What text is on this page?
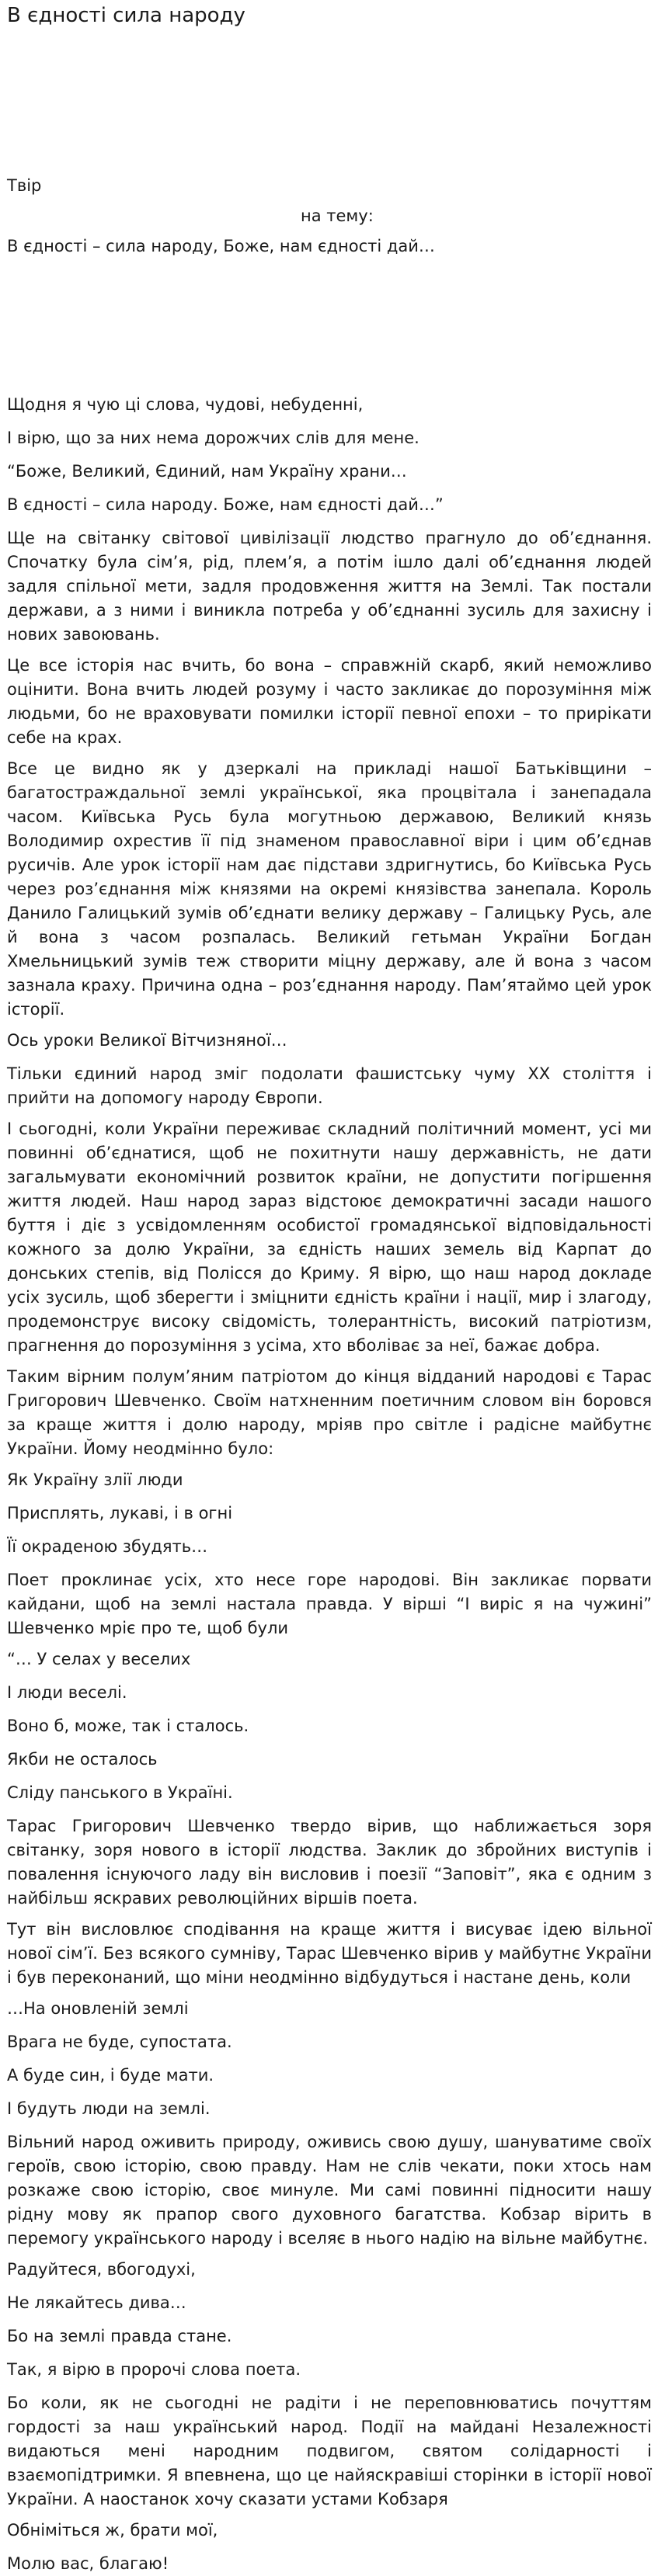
В єдності сила народу
Твір
на тему:
В єдності – сила народу, Боже, нам єдності дай…

Щодня я чую ці слова, чудові, небуденні,

І вірю, що за них нема дорожчих слів для мене.

“Боже, Великий, Єдиний, нам Україну храни…

В єдності – сила народу. Боже, нам єдності дай…”

Ще на світанку світової цивілізації людство прагнуло до об’єднання. Спочатку була сім’я, рід, плем’я, а потім ішло далі об’єднання людей задля спільної мети, задля продовження життя на Землі. Так постали держави, а з ними і виникла потреба у об’єднанні зусиль для захисну і нових завоювань.

Це все історія нас вчить, бо вона – справжній скарб, який неможливо оцінити. Вона вчить людей розуму і часто закликає до порозуміння між людьми, бо не враховувати помилки історії певної епохи – то прирікати себе на крах.

Все це видно як у дзеркалі на прикладі нашої Батьківщини – багатостраждальної землі української, яка процвітала і занепадала часом. Київська Русь була могутньою державою, Великий князь Володимир охрестив її під знаменом православної віри і цим об’єднав русичів. Але урок історії нам дає підстави здригнутись, бо Київська Русь через роз’єднання між князями на окремі князівства занепала. Король Данило Галицький зумів об’єднати велику державу – Галицьку Русь, але й вона з часом розпалась. Великий гетьман України Богдан Хмельницький зумів теж створити міцну державу, але й вона з часом зазнала краху. Причина одна – роз’єднання народу. Пам’ятаймо цей урок історії.

Ось уроки Великої Вітчизняної…

Тільки єдиний народ зміг подолати фашистську чуму ХХ століття і прийти на допомогу народу Європи.

І сьогодні, коли України переживає складний політичний момент, усі ми повинні об’єднатися, щоб не похитнути нашу державність, не дати загальмувати економічний розвиток країни, не допустити погіршення життя людей. Наш народ зараз відстоює демократичні засади нашого буття і діє з усвідомленням особистої громадянської відповідальності кожного за долю України, за єдність наших земель від Карпат до донських степів, від Полісся до Криму. Я вірю, що наш народ докладе усіх зусиль, щоб зберегти і зміцнити єдність країни і нації, мир і злагоду, продемонструє високу свідомість, толерантність, високий патріотизм, прагнення до порозуміння з усіма, хто вболіває за неї, бажає добра.

Таким вірним полум’яним патріотом до кінця відданий народові є Тарас Григорович Шевченко. Своїм натхненним поетичним словом він боровся за краще життя і долю народу, мріяв про світле і радісне майбутнє України. Йому неодмінно було:

Як Україну злії люди

Присплять, лукаві, і в огні

Її окраденою збудять…

Поет проклинає усіх, хто несе горе народові. Він закликає порвати кайдани, щоб на землі настала правда. У вірші “І виріс я на чужині” Шевченко мріє про те, щоб були

“… У селах у веселих

І люди веселі.

Воно б, може, так і сталось.

Якби не осталось

Сліду панського в Україні.

Тарас Григорович Шевченко твердо вірив, що наближається зоря світанку, зоря нового в історії людства. Заклик до збройних виступів і повалення існуючого ладу він висловив і поезії “Заповіт”, яка є одним з найбільш яскравих революційних віршів поета.

Тут він висловлює сподівання на краще життя і висуває ідею вільної нової сім’ї. Без всякого сумніву, Тарас Шевченко вірив у майбутнє України і був переконаний, що міни неодмінно відбудуться і настане день, коли

…На оновленій землі

Врага не буде, супостата.

А буде син, і буде мати.

І будуть люди на землі.

Вільний народ оживить природу, оживись свою душу, шануватиме своїх героїв, свою історію, свою правду. Нам не слів чекати, поки хтось нам розкаже свою історію, своє минуле. Ми самі повинні підносити нашу рідну мову як прапор свого духовного багатства. Кобзар вірить в перемогу українського народу і вселяє в нього надію на вільне майбутнє.

Радуйтеся, вбогодухі,

Не лякайтесь дива…

Бо на землі правда стане.

Так, я вірю в пророчі слова поета.

Бо коли, як не сьогодні не радіти і не переповнюватись почуттям гордості за наш український народ. Події на майдані Незалежності видаються мені народним подвигом, святом солідарності і взаємопідтримки. Я впевнена, що це найяскравіші сторінки в історії нової України. А наостанок хочу сказати устами Кобзаря

Обніміться ж, брати мої,

Молю вас, благаю!
